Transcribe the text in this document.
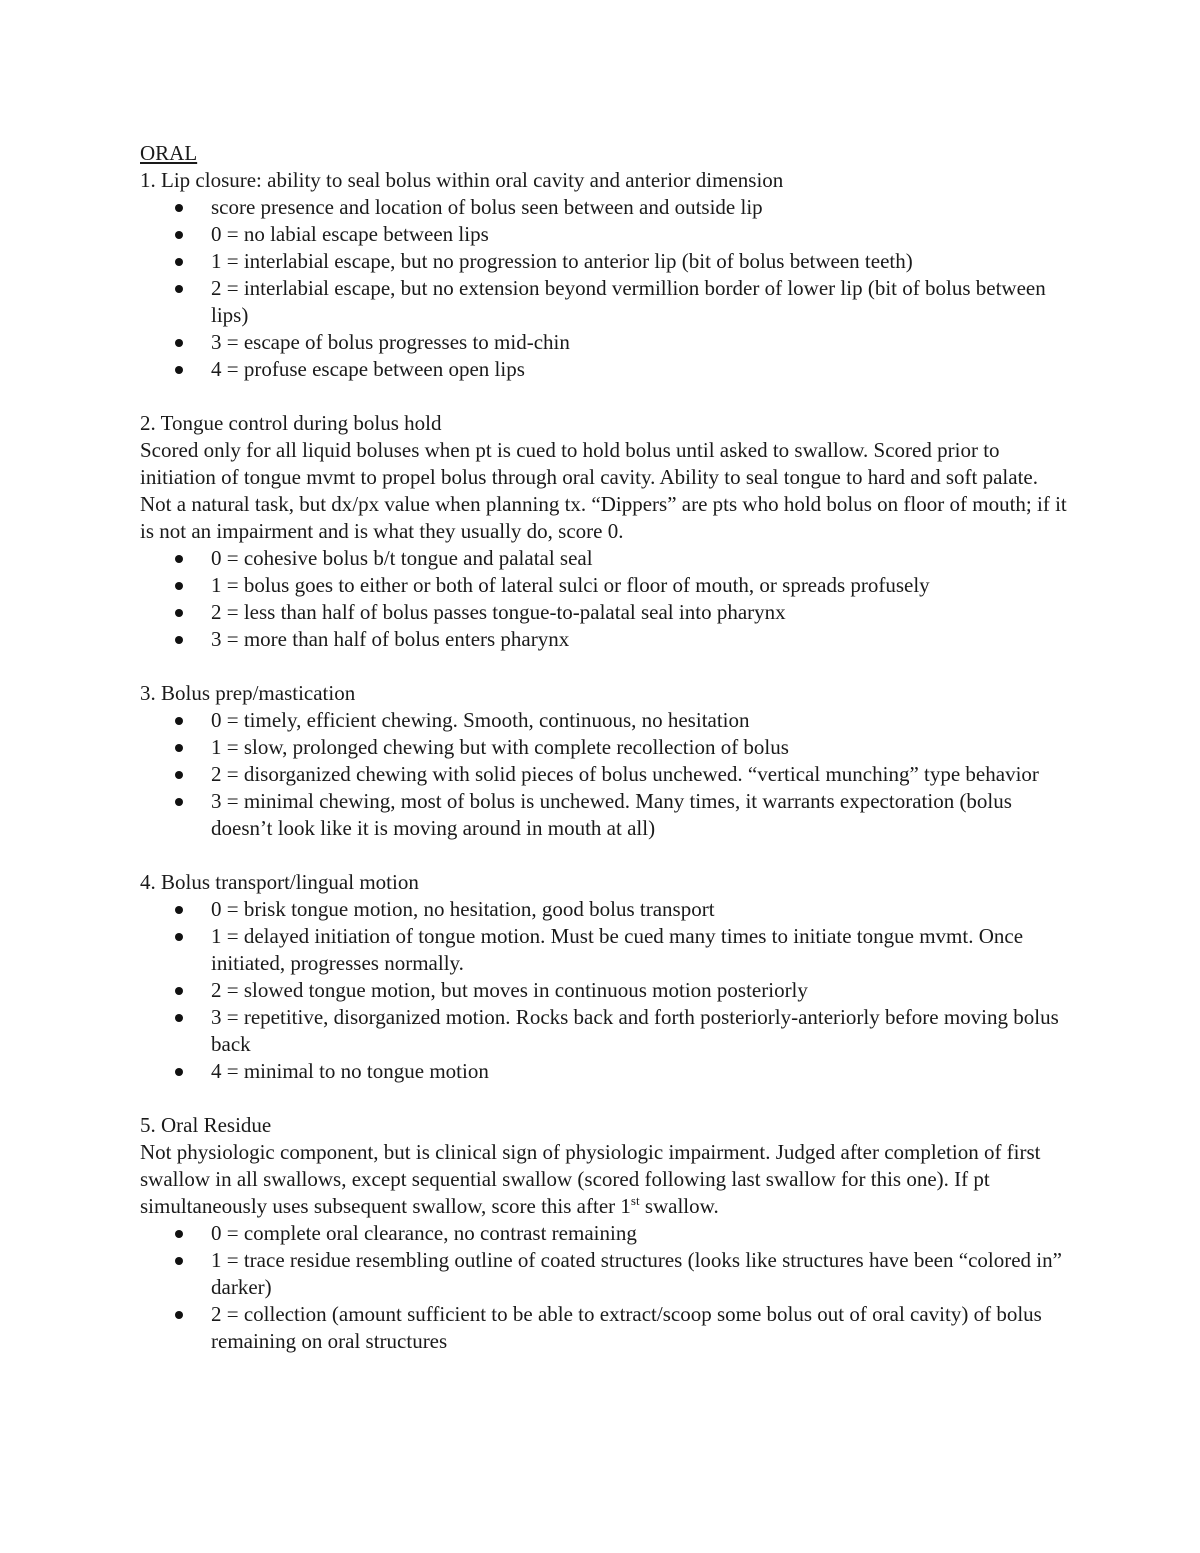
ORAL

1. Lip closure: ability to seal bolus within oral cavity and anterior dimension

score presence and location of bolus seen between and outside lip
0 = no labial escape between lips
1 = interlabial escape, but no progression to anterior lip (bit of bolus between teeth)
2 = interlabial escape, but no extension beyond vermillion border of lower lip (bit of bolus between lips)
3 = escape of bolus progresses to mid-chin
4 = profuse escape between open lips

2. Tongue control during bolus hold

Scored only for all liquid boluses when pt is cued to hold bolus until asked to swallow. Scored prior to initiation of tongue mvmt to propel bolus through oral cavity. Ability to seal tongue to hard and soft palate. Not a natural task, but dx/px value when planning tx. “Dippers” are pts who hold bolus on floor of mouth; if it is not an impairment and is what they usually do, score 0.

0 = cohesive bolus b/t tongue and palatal seal
1 = bolus goes to either or both of lateral sulci or floor of mouth, or spreads profusely
2 = less than half of bolus passes tongue-to-palatal seal into pharynx
3 = more than half of bolus enters pharynx

3. Bolus prep/mastication

0 = timely, efficient chewing. Smooth, continuous, no hesitation
1 = slow, prolonged chewing but with complete recollection of bolus
2 = disorganized chewing with solid pieces of bolus unchewed. “vertical munching” type behavior
3 = minimal chewing, most of bolus is unchewed. Many times, it warrants expectoration (bolus doesn’t look like it is moving around in mouth at all)

4. Bolus transport/lingual motion

0 = brisk tongue motion, no hesitation, good bolus transport
1 = delayed initiation of tongue motion. Must be cued many times to initiate tongue mvmt. Once initiated, progresses normally.
2 = slowed tongue motion, but moves in continuous motion posteriorly
3 = repetitive, disorganized motion. Rocks back and forth posteriorly-anteriorly before moving bolus back
4 = minimal to no tongue motion

5. Oral Residue

Not physiologic component, but is clinical sign of physiologic impairment. Judged after completion of first swallow in all swallows, except sequential swallow (scored following last swallow for this one). If pt simultaneously uses subsequent swallow, score this after 1st swallow.

0 = complete oral clearance, no contrast remaining
1 = trace residue resembling outline of coated structures (looks like structures have been “colored in” darker)
2 = collection (amount sufficient to be able to extract/scoop some bolus out of oral cavity) of bolus remaining on oral structures
